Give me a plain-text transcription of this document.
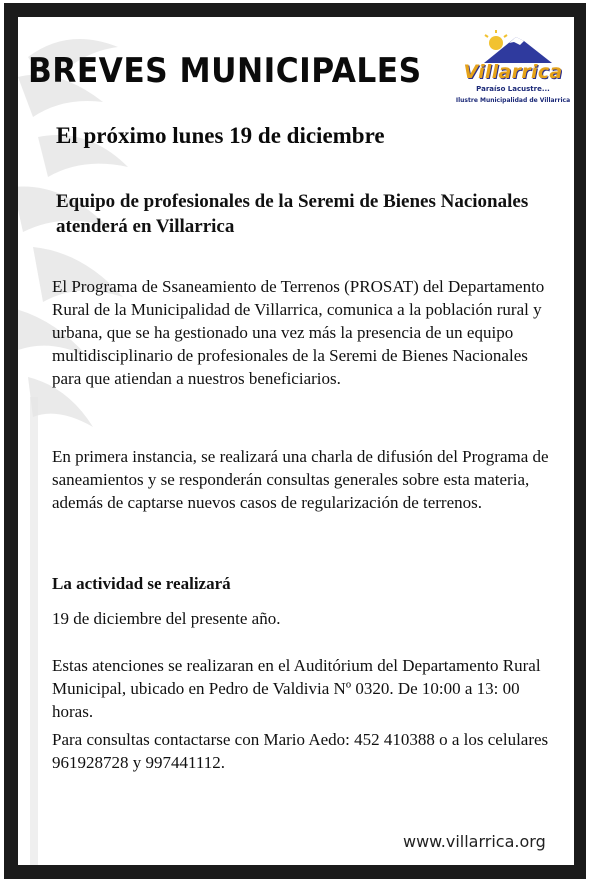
BREVES MUNICIPALES	Villarrica
Paraíso Lacustre...
Ilustre Municipalidad de Villarrica
El próximo lunes 19 de diciembre
Equipo de profesionales de la Seremi de Bienes Nacionales atenderá en Villarrica
El Programa de Ssaneamiento de Terrenos (PROSAT) del Departamento Rural de la Municipalidad de Villarrica, comunica a la población rural y urbana, que se ha gestionado una vez más la presencia de un equipo multidisciplinario de profesionales de la Seremi de Bienes Nacionales para que atiendan a nuestros beneficiarios.
En primera instancia, se realizará una charla de difusión del Programa de saneamientos y se responderán consultas generales sobre esta materia, además de captarse nuevos casos de regularización de terrenos.
La actividad se realizará
19 de diciembre del presente año.
Estas atenciones se realizaran en el Auditórium del Departamento Rural Municipal, ubicado en Pedro de Valdivia Nº 0320. De 10:00 a 13: 00 horas.
Para consultas contactarse con Mario Aedo: 452 410388 o a los celulares 961928728 y 997441112.
www.villarrica.org
